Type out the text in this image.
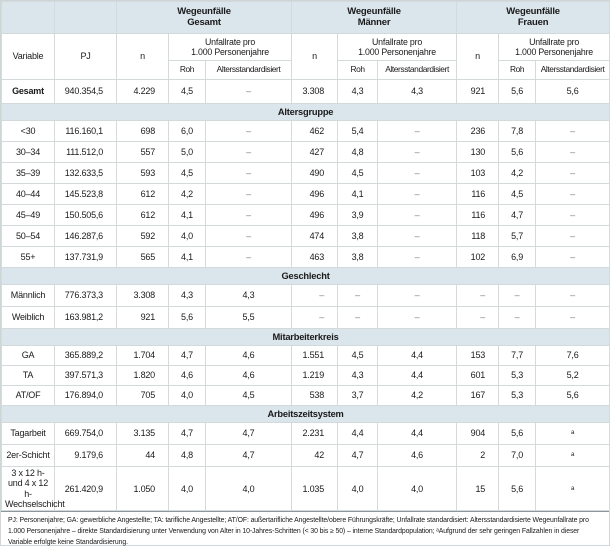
		Wegeunfälle
Gesamt			Wegeunfälle
Männer			Wegeunfälle
Frauen		
Variable	PJ	n	Unfallrate pro
1.000 Personenjahre		n	Unfallrate pro
1.000 Personenjahre		n	Unfallrate pro
1.000 Personenjahre	
			Roh	Altersstandardisiert		Roh	Altersstandardisiert		Roh	Altersstandardisiert
Gesamt	940.354,5	4.229	4,5	–	3.308	4,3	4,3	921	5,6	5,6
Altersgruppe										
<30	116.160,1	698	6,0	–	462	5,4	–	236	7,8	–
30–34	111.512,0	557	5,0	–	427	4,8	–	130	5,6	–
35–39	132.633,5	593	4,5	–	490	4,5	–	103	4,2	–
40–44	145.523,8	612	4,2	–	496	4,1	–	116	4,5	–
45–49	150.505,6	612	4,1	–	496	3,9	–	116	4,7	–
50–54	146.287,6	592	4,0	–	474	3,8	–	118	5,7	–
55+	137.731,9	565	4,1	–	463	3,8	–	102	6,9	–
Geschlecht										
Männlich	776.373,3	3.308	4,3	4,3	–	–	–	–	–	–
Weiblich	163.981,2	921	5,6	5,5	–	–	–	–	–	–
Mitarbeiterkreis										
GA	365.889,2	1.704	4,7	4,6	1.551	4,5	4,4	153	7,7	7,6
TA	397.571,3	1.820	4,6	4,6	1.219	4,3	4,4	601	5,3	5,2
AT/OF	176.894,0	705	4,0	4,5	538	3,7	4,2	167	5,3	5,6
Arbeitszeitsystem										
Tagarbeit	669.754,0	3.135	4,7	4,7	2.231	4,4	4,4	904	5,6	ᵃ
2er-Schicht	9.179,6	44	4,8	4,7	42	4,7	4,6	2	7,0	ᵃ
3 x 12 h- und 4 x 12 h-Wechselschicht	261.420,9	1.050	4,0	4,0	1.035	4,0	4,0	15	5,6	ᵃ
PJ: Personenjahre; GA: gewerbliche Angestellte; TA: tarifliche Angestellte; AT/OF: außertarifliche Angestellte/obere Führungskräfte; Unfallrate standardisiert: Altersstandardisierte Wegeunfallrate pro 1.000 Personenjahre – direkte Standardisierung unter Verwendung von Alter in 10-Jahres-Schritten (< 30 bis ≥ 50) – interne Standardpopulation; ᵃAufgrund der sehr geringen Fallzahlen in dieser Variable erfolgte keine Standardisierung.
